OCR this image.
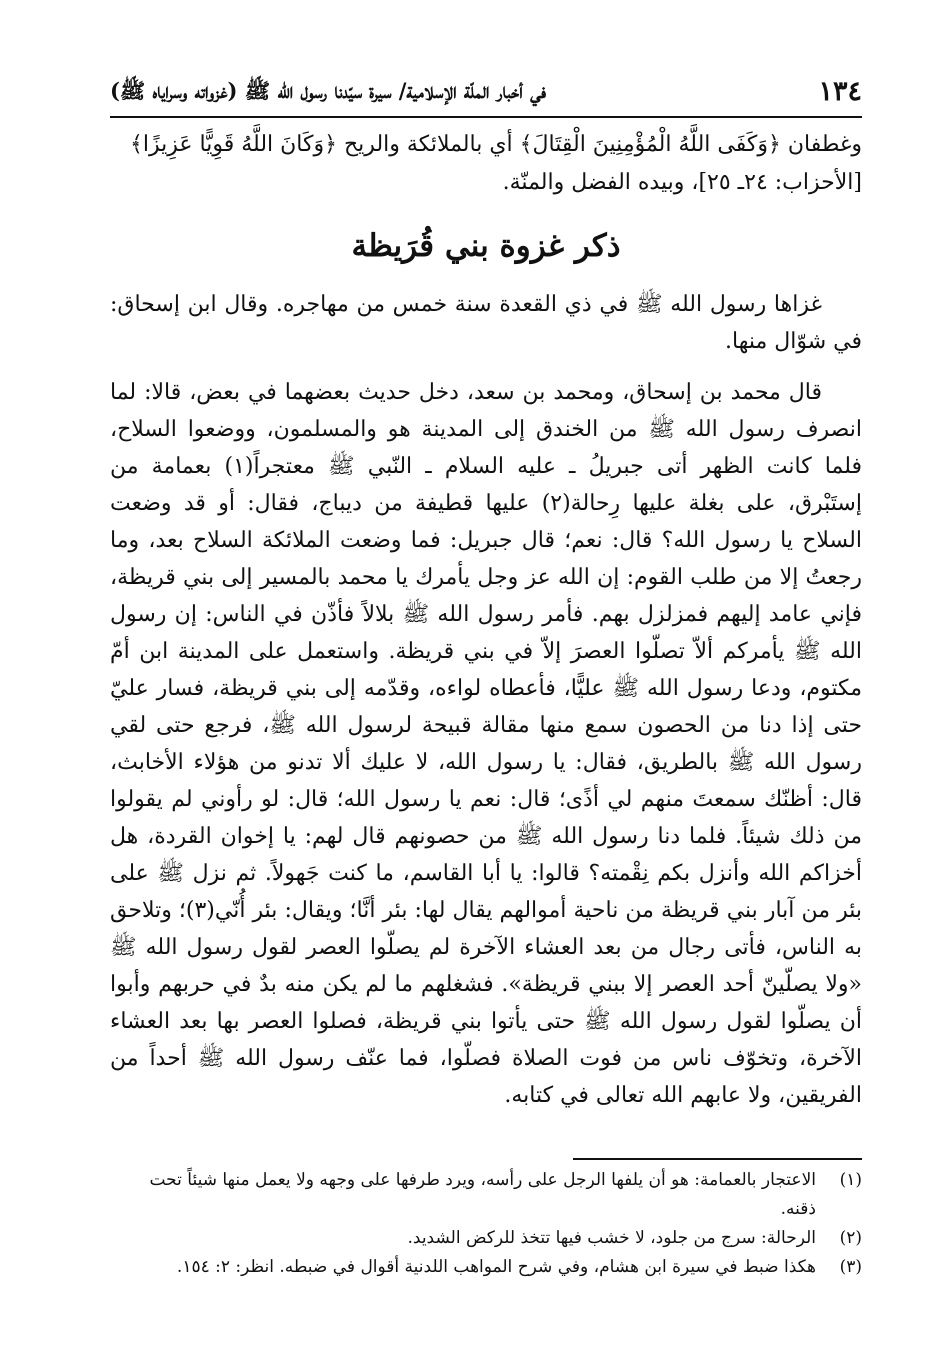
١٣٤
في أخبار الملّة الإسلامية/ سيرة سيّدنا رسول الله ﷺ (غزواته وسراياه ﷺ)

وغطفان ﴿وَكَفَى اللَّهُ الْمُؤْمِنِينَ الْقِتَالَ﴾ أي بالملائكة والريح ﴿وَكَانَ اللَّهُ قَوِيًّا عَزِيزًا﴾

[الأحزاب: ٢٤ـ ٢٥]، وبيده الفضل والمنّة.

ذكر غزوة بني قُرَيظة

غزاها رسول الله ﷺ في ذي القعدة سنة خمس من مهاجره. وقال ابن إسحاق: في شوّال منها.

قال محمد بن إسحاق، ومحمد بن سعد، دخل حديث بعضهما في بعض، قالا: لما انصرف رسول الله ﷺ من الخندق إلى المدينة هو والمسلمون، ووضعوا السلاح، فلما كانت الظهر أتى جبريلُ ـ عليه السلام ـ النّبي ﷺ معتجراً(١) بعمامة من إستَبْرق، على بغلة عليها رِحالة(٢) عليها قطيفة من ديباج، فقال: أو قد وضعت السلاح يا رسول الله؟ قال: نعم؛ قال جبريل: فما وضعت الملائكة السلاح بعد، وما رجعتُ إلا من طلب القوم: إن الله عز وجل يأمرك يا محمد بالمسير إلى بني قريظة، فإني عامد إليهم فمزلزل بهم. فأمر رسول الله ﷺ بلالاً فأذّن في الناس: إن رسول الله ﷺ يأمركم ألاّ تصلّوا العصرَ إلاّ في بني قريظة. واستعمل على المدينة ابن أمّ مكتوم، ودعا رسول الله ﷺ عليًّا، فأعطاه لواءه، وقدّمه إلى بني قريظة، فسار عليّ حتى إذا دنا من الحصون سمع منها مقالة قبيحة لرسول الله ﷺ، فرجع حتى لقي رسول الله ﷺ بالطريق، فقال: يا رسول الله، لا عليك ألا تدنو من هؤلاء الأخابث، قال: أظنّك سمعتَ منهم لي أذًى؛ قال: نعم يا رسول الله؛ قال: لو رأوني لم يقولوا من ذلك شيئاً. فلما دنا رسول الله ﷺ من حصونهم قال لهم: يا إخوان القردة، هل أخزاكم الله وأنزل بكم نِقْمته؟ قالوا: يا أبا القاسم، ما كنت جَهولاً. ثم نزل ﷺ على بئر من آبار بني قريظة من ناحية أموالهم يقال لها: بئر أنَّا؛ ويقال: بئر أُنّي(٣)؛ وتلاحق به الناس، فأتى رجال من بعد العشاء الآخرة لم يصلّوا العصر لقول رسول الله ﷺ «ولا يصلّينّ أحد العصر إلا ببني قريظة». فشغلهم ما لم يكن منه بدٌ في حربهم وأبوا أن يصلّوا لقول رسول الله ﷺ حتى يأتوا بني قريظة، فصلوا العصر بها بعد العشاء الآخرة، وتخوّف ناس من فوت الصلاة فصلّوا، فما عنّف رسول الله ﷺ أحداً من الفريقين، ولا عابهم الله تعالى في كتابه.

(١)
الاعتجار بالعمامة: هو أن يلفها الرجل على رأسه، ويرد طرفها على وجهه ولا يعمل منها شيئاً تحت ذقنه.
(٢)
الرحالة: سرج من جلود، لا خشب فيها تتخذ للركض الشديد.
(٣)
هكذا ضبط في سيرة ابن هشام، وفي شرح المواهب اللدنية أقوال في ضبطه. انظر: ٢: ١٥٤.
